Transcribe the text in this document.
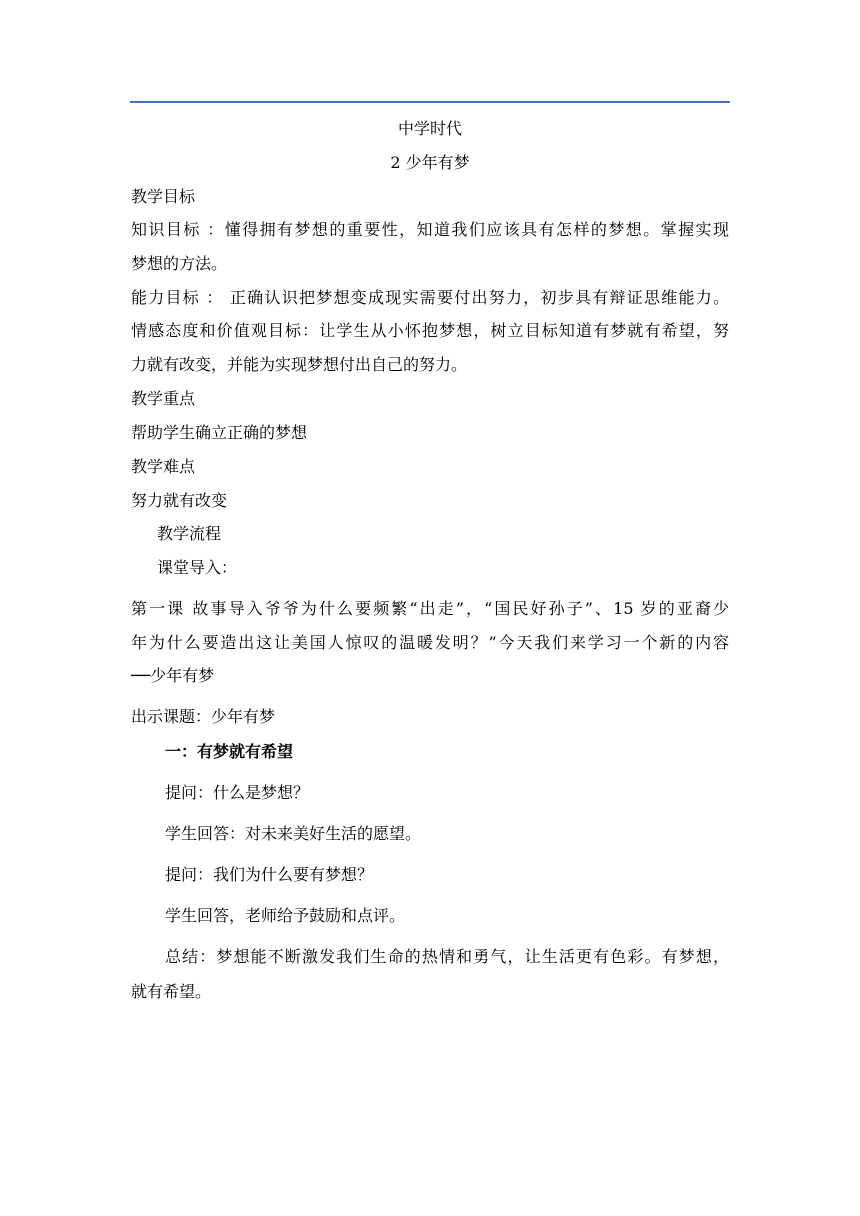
中学时代
2 少年有梦
教学目标
知识目标 ：懂得拥有梦想的重要性，知道我们应该具有怎样的梦想。掌握实现
梦想的方法。
能力目标 ： 正确认识把梦想变成现实需要付出努力，初步具有辩证思维能力。
情感态度和价值观目标：让学生从小怀抱梦想，树立目标知道有梦就有希望，努
力就有改变，并能为实现梦想付出自己的努力。
教学重点
帮助学生确立正确的梦想
教学难点
努力就有改变
教学流程
课堂导入：
第一课 故事导入爷爷为什么要频繁“出走”，“国民好孙子”、15 岁的亚裔少
年为什么要造出这让美国人惊叹的温暖发明？”今天我们来学习一个新的内容
──少年有梦
出示课题：少年有梦
一：有梦就有希望
提问：什么是梦想？
学生回答：对未来美好生活的愿望。
提问：我们为什么要有梦想？
学生回答，老师给予鼓励和点评。
总结：梦想能不断激发我们生命的热情和勇气，让生活更有色彩。有梦想，
就有希望。
